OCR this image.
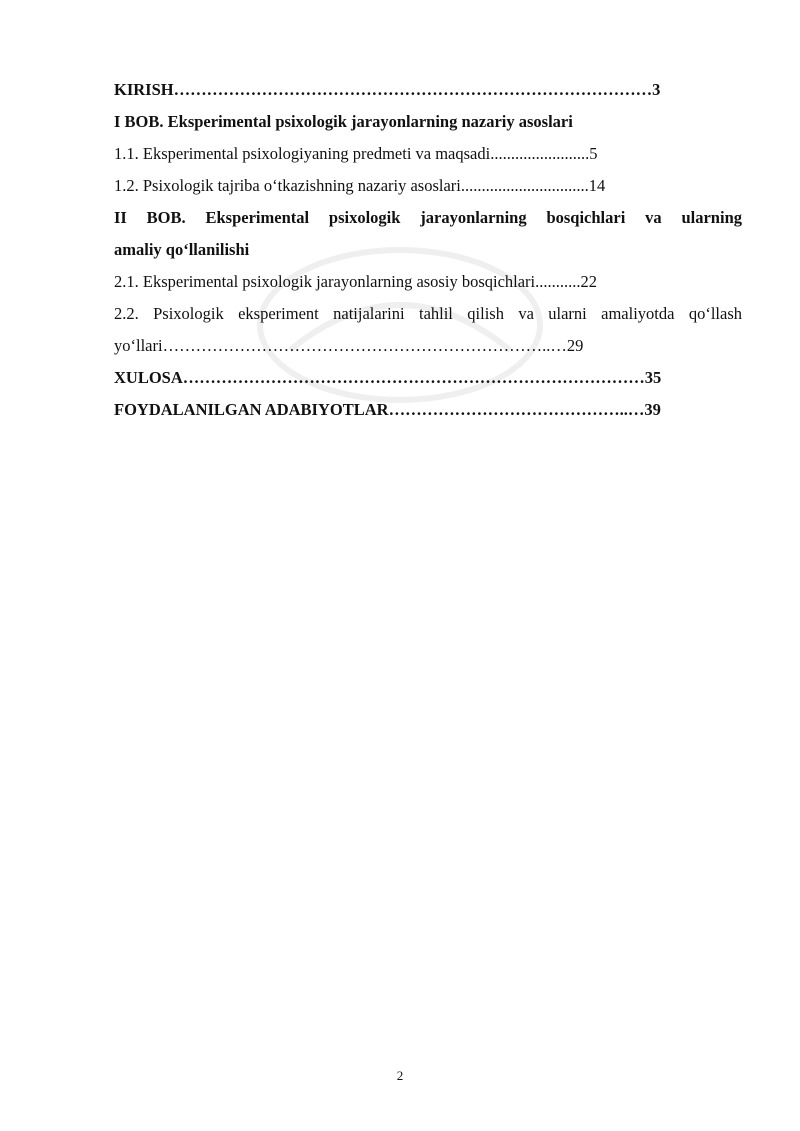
KIRISH……………………………………………………………………………3
I BOB. Eksperimental psixologik jarayonlarning nazariy asoslari
1.1. Eksperimental psixologiyaning predmeti va maqsadi........................5
1.2. Psixologik tajriba o‘tkazishning nazariy asoslari...............................14
II BOB. Eksperimental psixologik jarayonlarning bosqichlari va ularning
amaliy qo‘llanilishi
2.1. Eksperimental psixologik jarayonlarning asosiy bosqichlari...........22
2.2. Psixologik eksperiment natijalarini tahlil qilish va ularni amaliyotda qo‘llash
yo‘llari……………………………………………………………..…29
XULOSA…………………………………………………………………………35
FOYDALANILGAN ADABIYOTLAR……………………………………..…39
2
